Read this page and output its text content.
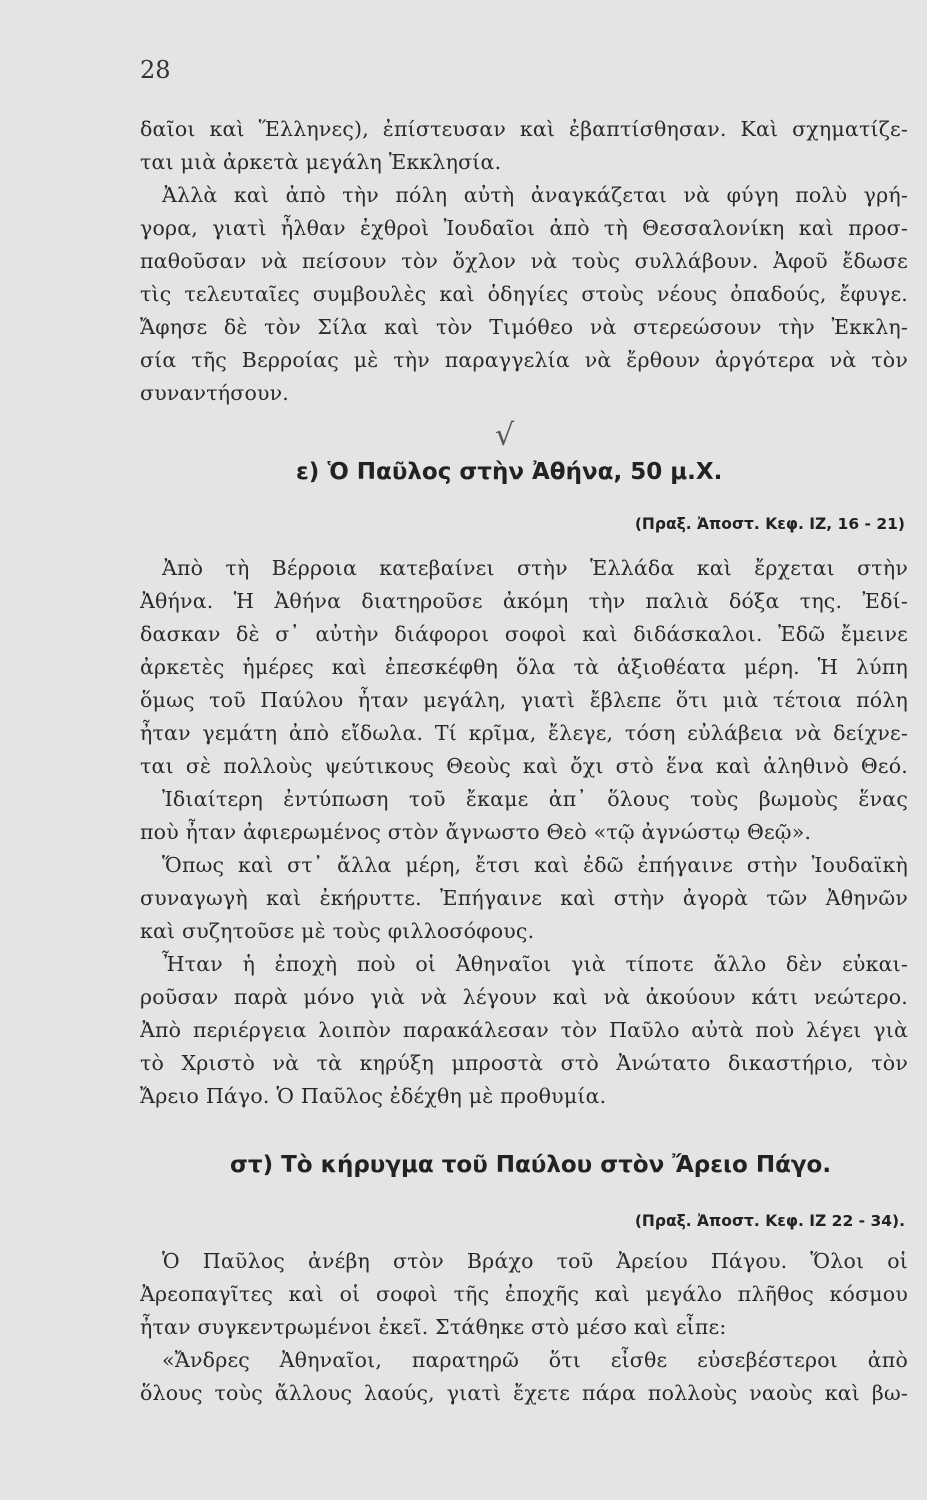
28
δαῖοι καὶ Ἕλληνες), ἐπίστευσαν καὶ ἐβαπτίσθησαν. Καὶ σχηματίζε-
ται μιὰ ἀρκετὰ μεγάλη Ἐκκλησία.
Ἀλλὰ καὶ ἀπὸ τὴν πόλη αὐτὴ ἀναγκάζεται νὰ φύγη πολὺ γρή-
γορα, γιατὶ ἦλθαν ἐχθροὶ Ἰουδαῖοι ἀπὸ τὴ Θεσσαλονίκη καὶ προσ-
παθοῦσαν νὰ πείσουν τὸν ὄχλον νὰ τοὺς συλλάβουν. Ἀφοῦ ἔδωσε
τὶς τελευταῖες συμβουλὲς καὶ ὁδηγίες στοὺς νέους ὀπαδούς, ἔφυγε.
Ἄφησε δὲ τὸν Σίλα καὶ τὸν Τιμόθεο νὰ στερεώσουν τὴν Ἐκκλη-
σία τῆς Βερροίας μὲ τὴν παραγγελία νὰ ἔρθουν ἀργότερα νὰ τὸν
συναντήσουν.
√
ε) Ὁ Παῦλος στὴν Ἀθήνα, 50 μ.Χ.
(Πραξ. Ἀποστ. Κεφ. ΙΖ, 16 - 21)
Ἀπὸ τὴ Βέρροια κατεβαίνει στὴν Ἑλλάδα καὶ ἔρχεται στὴν
Ἀθήνα. Ἡ Ἀθήνα διατηροῦσε ἀκόμη τὴν παλιὰ δόξα της. Ἐδί-
δασκαν δὲ σ᾽ αὐτὴν διάφοροι σοφοὶ καὶ διδάσκαλοι. Ἐδῶ ἔμεινε
ἀρκετὲς ἡμέρες καὶ ἐπεσκέφθη ὅλα τὰ ἀξιοθέατα μέρη. Ἡ λύπη
ὅμως τοῦ Παύλου ἦταν μεγάλη, γιατὶ ἔβλεπε ὅτι μιὰ τέτοια πόλη
ἦταν γεμάτη ἀπὸ εἴδωλα. Τί κρῖμα, ἔλεγε, τόση εὐλάβεια νὰ δείχνε-
ται σὲ πολλοὺς ψεύτικους Θεοὺς καὶ ὄχι στὸ ἕνα καὶ ἀληθινὸ Θεό.
Ἰδιαίτερη ἐντύπωση τοῦ ἔκαμε ἀπ᾽ ὅλους τοὺς βωμοὺς ἕνας
ποὺ ἦταν ἀφιερωμένος στὸν ἄγνωστο Θεὸ «τῷ ἀγνώστῳ Θεῷ».
Ὅπως καὶ στ᾽ ἄλλα μέρη, ἔτσι καὶ ἐδῶ ἐπήγαινε στὴν Ἰουδαϊκὴ
συναγωγὴ καὶ ἐκήρυττε. Ἐπήγαινε καὶ στὴν ἀγορὰ τῶν Ἀθηνῶν
καὶ συζητοῦσε μὲ τοὺς φιλλοσόφους.
Ἦταν ἡ ἐποχὴ ποὺ οἱ Ἀθηναῖοι γιὰ τίποτε ἄλλο δὲν εὐκαι-
ροῦσαν παρὰ μόνο γιὰ νὰ λέγουν καὶ νὰ ἀκούουν κάτι νεώτερο.
Ἀπὸ περιέργεια λοιπὸν παρακάλεσαν τὸν Παῦλο αὐτὰ ποὺ λέγει γιὰ
τὸ Χριστὸ νὰ τὰ κηρύξη μπροστὰ στὸ Ἀνώτατο δικαστήριο, τὸν
Ἄρειο Πάγο. Ὁ Παῦλος ἐδέχθη μὲ προθυμία.
στ) Τὸ κήρυγμα τοῦ Παύλου στὸν Ἄρειο Πάγο.
(Πραξ. Ἀποστ. Κεφ. ΙΖ 22 - 34).
Ὁ Παῦλος ἀνέβη στὸν Βράχο τοῦ Ἀρείου Πάγου. Ὅλοι οἱ
Ἀρεοπαγῖτες καὶ οἱ σοφοὶ τῆς ἐποχῆς καὶ μεγάλο πλῆθος κόσμου
ἦταν συγκεντρωμένοι ἐκεῖ. Στάθηκε στὸ μέσο καὶ εἶπε:
«Ἄνδρες Ἀθηναῖοι, παρατηρῶ ὅτι εἶσθε εὐσεβέστεροι ἀπὸ
ὅλους τοὺς ἄλλους λαούς, γιατὶ ἔχετε πάρα πολλοὺς ναοὺς καὶ βω-
